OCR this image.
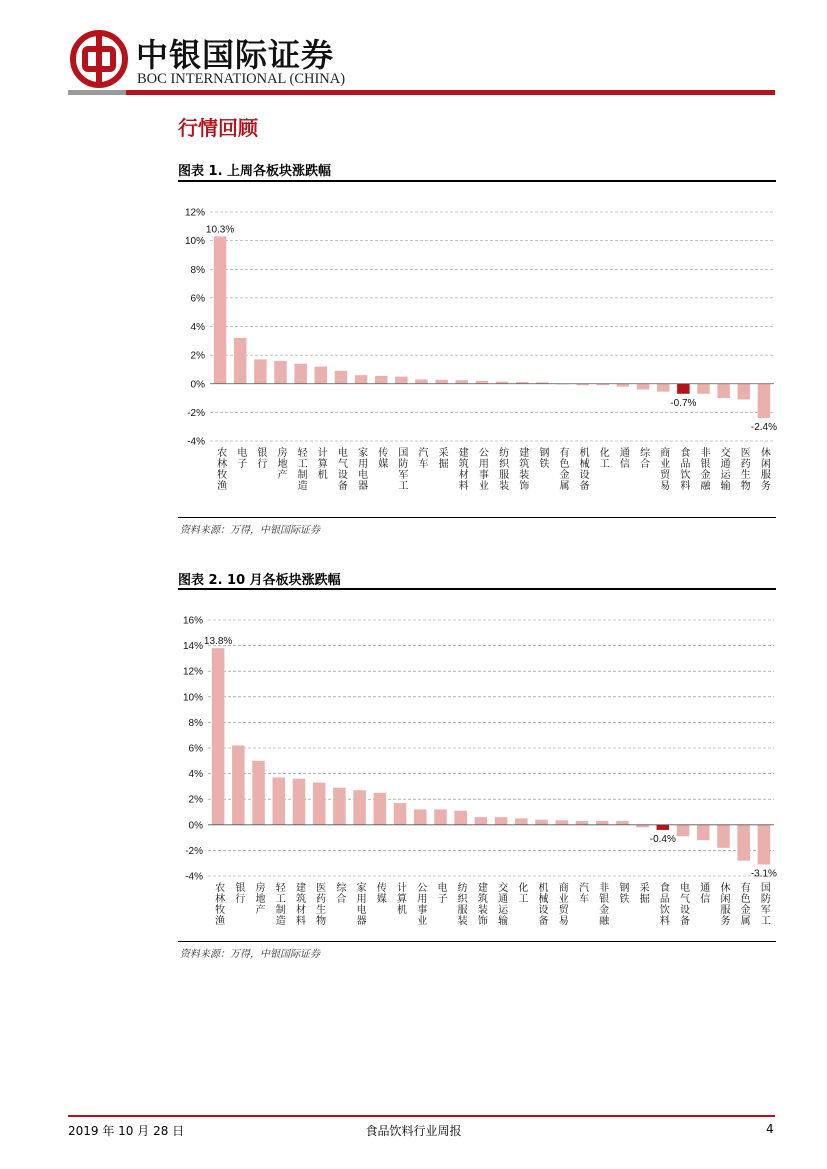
中银国际证券
BOC INTERNATIONAL (CHINA)
行情回顾
图表 1. 上周各板块涨跌幅
-4%
-2%
0%
2%
4%
6%
8%
10%
12%
农林牧渔 电子 银行 房地产 轻工制造 计算机 电气设备 家用电器 传媒 国防军工 汽车 采掘 建筑材料 公用事业 纺织服装 建筑装饰 钢铁 有色金属 机械设备 化工 通信 综合 商业贸易 食品饮料 非银金融 交通运输 医药生物 休闲服务
10.3%
-0.7%
-2.4%
资料来源：万得，中银国际证券
图表 2. 10 月各板块涨跌幅
-4%
-2%
0%
2%
4%
6%
8%
10%
12%
14%
16%
农林牧渔 银行 房地产 轻工制造 建筑材料 医药生物 综合 家用电器 传媒 计算机 公用事业 电子 纺织服装 建筑装饰 交通运输 化工 机械设备 商业贸易 汽车 非银金融 钢铁 采掘 食品饮料 电气设备 通信 休闲服务 有色金属 国防军工
13.8%
-0.4%
-3.1%
资料来源：万得，中银国际证券
2019 年 10 月 28 日	食品饮料行业周报	4
